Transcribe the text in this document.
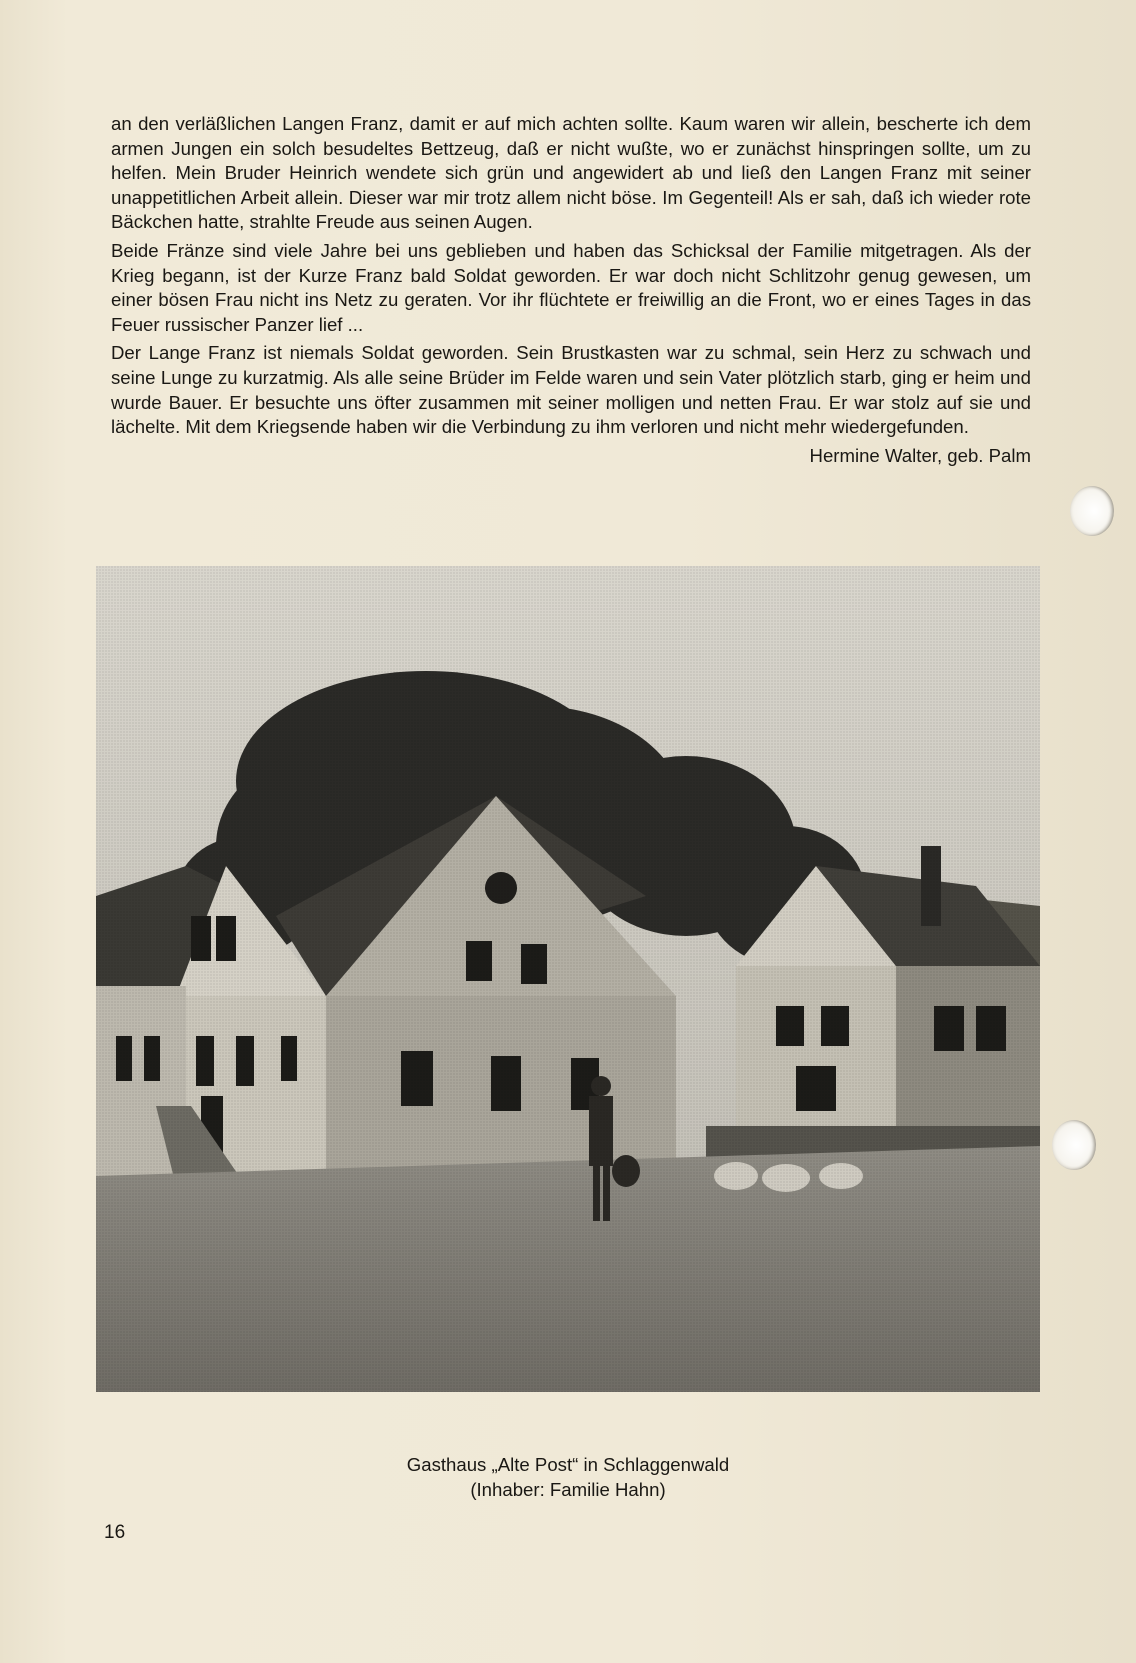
an den verläßlichen Langen Franz, damit er auf mich achten sollte. Kaum waren wir allein, bescherte ich dem armen Jungen ein solch besudeltes Bettzeug, daß er nicht wußte, wo er zunächst hinspringen sollte, um zu helfen. Mein Bruder Heinrich wendete sich grün und angewidert ab und ließ den Langen Franz mit seiner unappetitlichen Arbeit allein. Dieser war mir trotz allem nicht böse. Im Gegenteil! Als er sah, daß ich wieder rote Bäckchen hatte, strahlte Freude aus seinen Augen.

Beide Fränze sind viele Jahre bei uns geblieben und haben das Schicksal der Familie mitgetragen. Als der Krieg begann, ist der Kurze Franz bald Soldat geworden. Er war doch nicht Schlitzohr genug gewesen, um einer bösen Frau nicht ins Netz zu geraten. Vor ihr flüchtete er freiwillig an die Front, wo er eines Tages in das Feuer russischer Panzer lief ...

Der Lange Franz ist niemals Soldat geworden. Sein Brustkasten war zu schmal, sein Herz zu schwach und seine Lunge zu kurzatmig. Als alle seine Brüder im Felde waren und sein Vater plötzlich starb, ging er heim und wurde Bauer. Er besuchte uns öfter zusammen mit seiner molligen und netten Frau. Er war stolz auf sie und lächelte. Mit dem Kriegsende haben wir die Verbindung zu ihm verloren und nicht mehr wiedergefunden.

Hermine Walter, geb. Palm
Gasthaus „Alte Post“ in Schlaggenwald
(Inhaber: Familie Hahn)
16
